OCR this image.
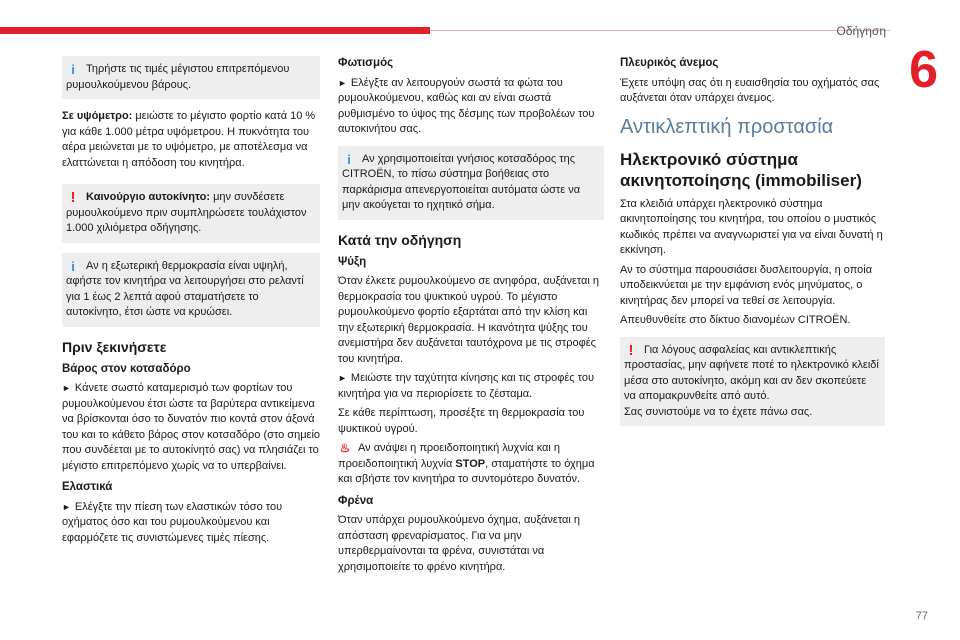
Οδήγηση
6
77
i	Τηρήστε τις τιμές μέγιστου επιτρεπόμενου ρυμουλκούμενου βάρους.

Σε υψόμετρο: μειώστε το μέγιστο φορτίο κατά 10 % για κάθε 1.000 μέτρα υψόμετρου. Η πυκνότητα του αέρα μειώνεται με το υψόμετρο, με αποτέλεσμα να ελαττώνεται η απόδοση του κινητήρα.

! Καινούργιο αυτοκίνητο: μην συνδέσετε ρυμουλκούμενο πριν συμπληρώσετε τουλάχιστον 1.000 χιλιόμετρα οδήγησης.
i	Αν η εξωτερική θερμοκρασία είναι υψηλή, αφήστε τον κινητήρα να λειτουργήσει στο ρελαντί για 1 έως 2 λεπτά αφού σταματήσετε το αυτοκίνητο, έτσι ώστε να κρυώσει.
Πριν ξεκινήσετε
Βάρος στον κοτσαδόρο

► Κάνετε σωστό καταμερισμό των φορτίων του ρυμουλκούμενου έτσι ώστε τα βαρύτερα αντικείμενα να βρίσκονται όσο το δυνατόν πιο κοντά στον άξονά του και το κάθετο βάρος στον κοτσαδόρο (στο σημείο που συνδέεται με το αυτοκίνητό σας) να πλησιάζει το μέγιστο επιτρεπόμενο χωρίς να το υπερβαίνει.

Ελαστικά

► Ελέγξτε την πίεση των ελαστικών τόσο του οχήματος όσο και του ρυμουλκούμενου και εφαρμόζετε τις συνιστώμενες τιμές πίεσης.

Φωτισμός

► Ελέγξτε αν λειτουργούν σωστά τα φώτα του ρυμουλκούμενου, καθώς και αν είναι σωστά ρυθμισμένο το ύψος της δέσμης των προβολέων του αυτοκινήτου σας.

i	Αν χρησιμοποιείται γνήσιος κοτσαδόρος της CITROËN, το πίσω σύστημα βοήθειας στο παρκάρισμα απενεργοποιείται αυτόματα ώστε να μην ακούγεται το ηχητικό σήμα.
Κατά την οδήγηση
Ψύξη

Όταν έλκετε ρυμουλκούμενο σε ανηφόρα, αυξάνεται η θερμοκρασία του ψυκτικού υγρού. Το μέγιστο ρυμουλκούμενο φορτίο εξαρτάται από την κλίση και την εξωτερική θερμοκρασία. Η ικανότητα ψύξης του ανεμιστήρα δεν αυξάνεται ταυτόχρονα με τις στροφές του κινητήρα.

► Μειώστε την ταχύτητα κίνησης και τις στροφές του κινητήρα για να περιορίσετε το ζέσταμα.

Σε κάθε περίπτωση, προσέξτε τη θερμοκρασία του ψυκτικού υγρού.

♨ Αν ανάψει η προειδοποιητική λυχνία και η προειδοποιητική λυχνία STOP, σταματήστε το όχημα και σβήστε τον κινητήρα το συντομότερο δυνατόν.

Φρένα

Όταν υπάρχει ρυμουλκούμενο όχημα, αυξάνεται η απόσταση φρεναρίσματος. Για να μην υπερθερμαίνονται τα φρένα, συνιστάται να χρησιμοποιείτε το φρένο κινητήρα.

Πλευρικός άνεμος

Έχετε υπόψη σας ότι η ευαισθησία του οχήματός σας αυξάνεται όταν υπάρχει άνεμος.

Αντικλεπτική προστασία
Ηλεκτρονικό σύστημα ακινητοποίησης (immobiliser)

Στα κλειδιά υπάρχει ηλεκτρονικό σύστημα ακινητοποίησης του κινητήρα, του οποίου ο μυστικός κωδικός πρέπει να αναγνωριστεί για να είναι δυνατή η εκκίνηση.

Αν το σύστημα παρουσιάσει δυσλειτουργία, η οποία υποδεικνύεται με την εμφάνιση ενός μηνύματος, ο κινητήρας δεν μπορεί να τεθεί σε λειτουργία.

Απευθυνθείτε στο δίκτυο διανομέων CITROËN.

! Για λόγους ασφαλείας και αντικλεπτικής προστασίας, μην αφήνετε ποτέ το ηλεκτρονικό κλειδί μέσα στο αυτοκίνητο, ακόμη και αν δεν σκοπεύετε να απομακρυνθείτε από αυτό.
Σας συνιστούμε να το έχετε πάνω σας.
